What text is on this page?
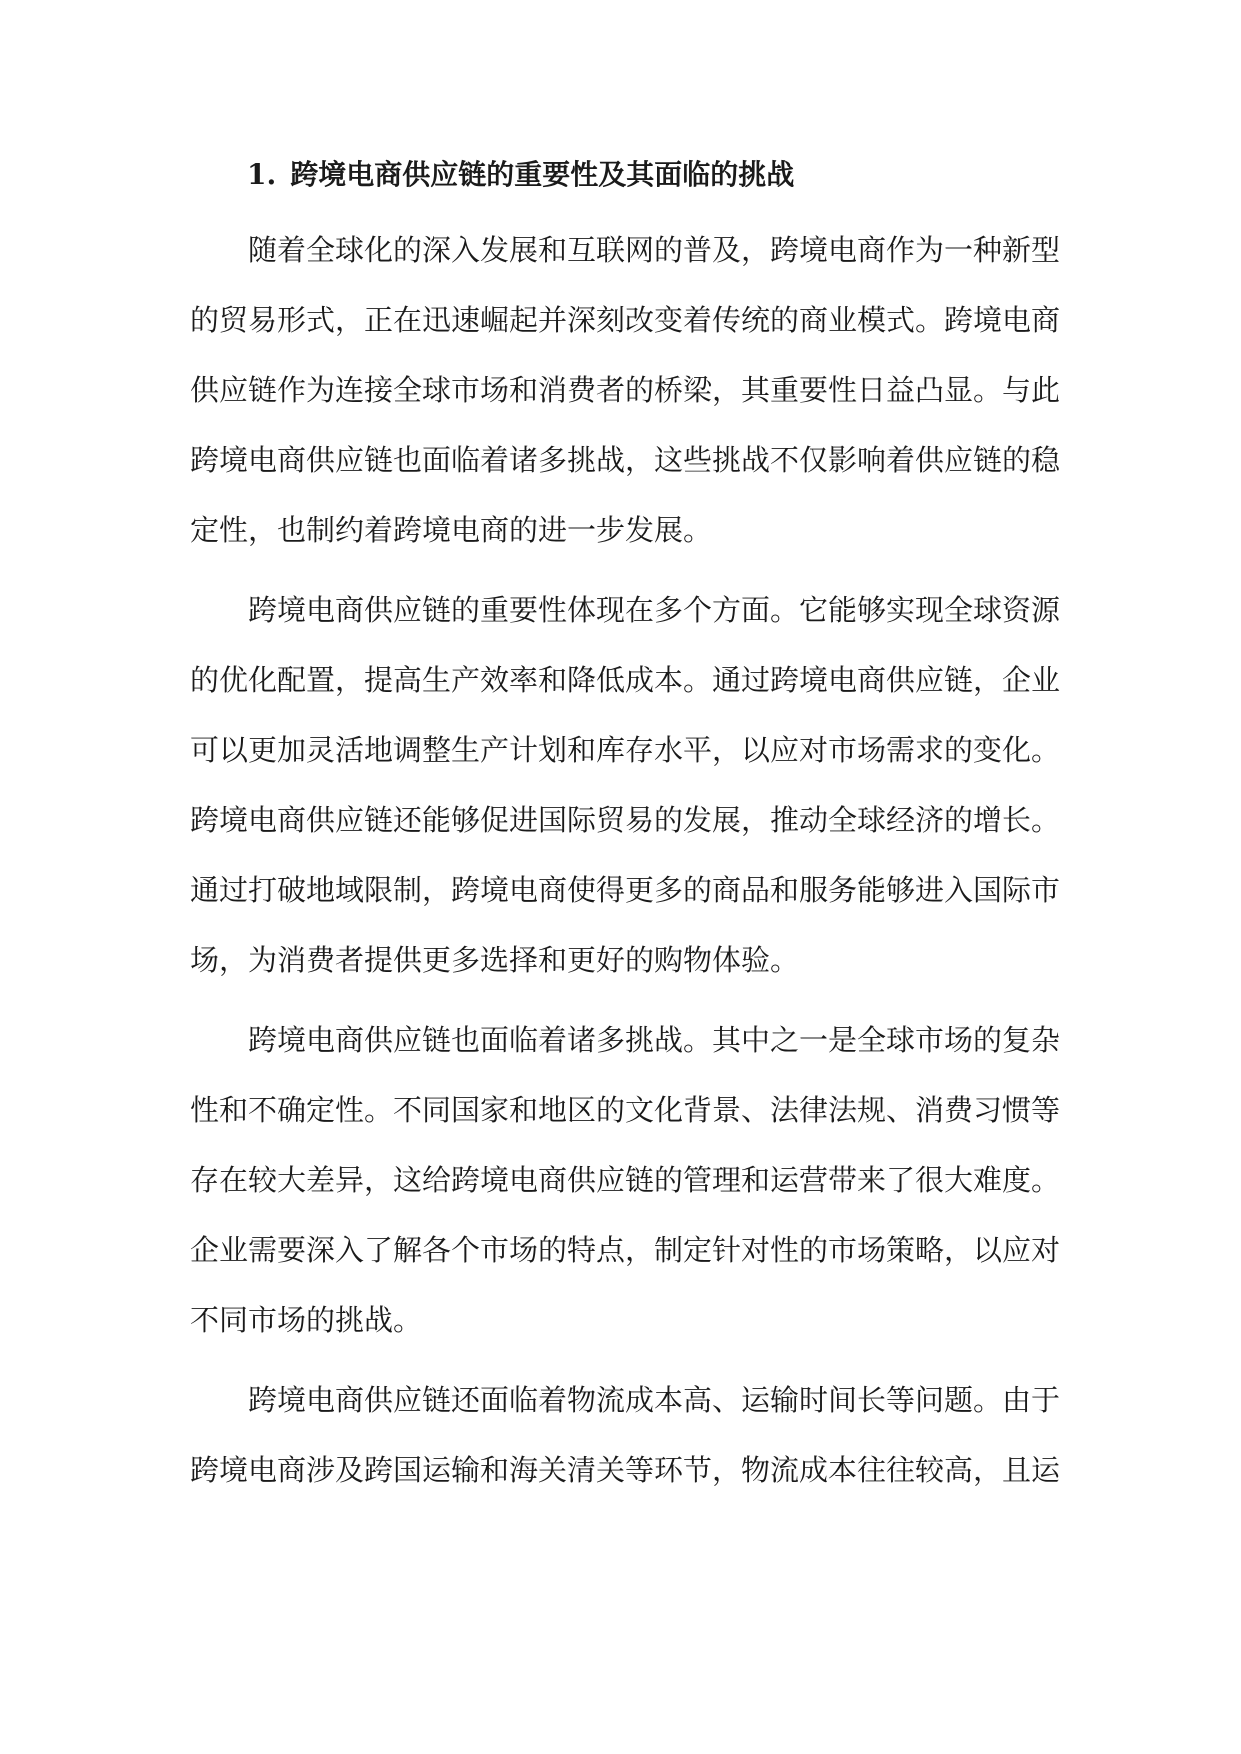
1. 跨境电商供应链的重要性及其面临的挑战

随着全球化的深入发展和互联网的普及，跨境电商作为一种新型
的贸易形式，正在迅速崛起并深刻改变着传统的商业模式。跨境电商
供应链作为连接全球市场和消费者的桥梁，其重要性日益凸显。与此
跨境电商供应链也面临着诸多挑战，这些挑战不仅影响着供应链的稳
定性，也制约着跨境电商的进一步发展。

跨境电商供应链的重要性体现在多个方面。它能够实现全球资源
的优化配置，提高生产效率和降低成本。通过跨境电商供应链，企业
可以更加灵活地调整生产计划和库存水平，以应对市场需求的变化。
跨境电商供应链还能够促进国际贸易的发展，推动全球经济的增长。
通过打破地域限制，跨境电商使得更多的商品和服务能够进入国际市
场，为消费者提供更多选择和更好的购物体验。

跨境电商供应链也面临着诸多挑战。其中之一是全球市场的复杂
性和不确定性。不同国家和地区的文化背景、法律法规、消费习惯等
存在较大差异，这给跨境电商供应链的管理和运营带来了很大难度。
企业需要深入了解各个市场的特点，制定针对性的市场策略，以应对
不同市场的挑战。

跨境电商供应链还面临着物流成本高、运输时间长等问题。由于
跨境电商涉及跨国运输和海关清关等环节，物流成本往往较高，且运
